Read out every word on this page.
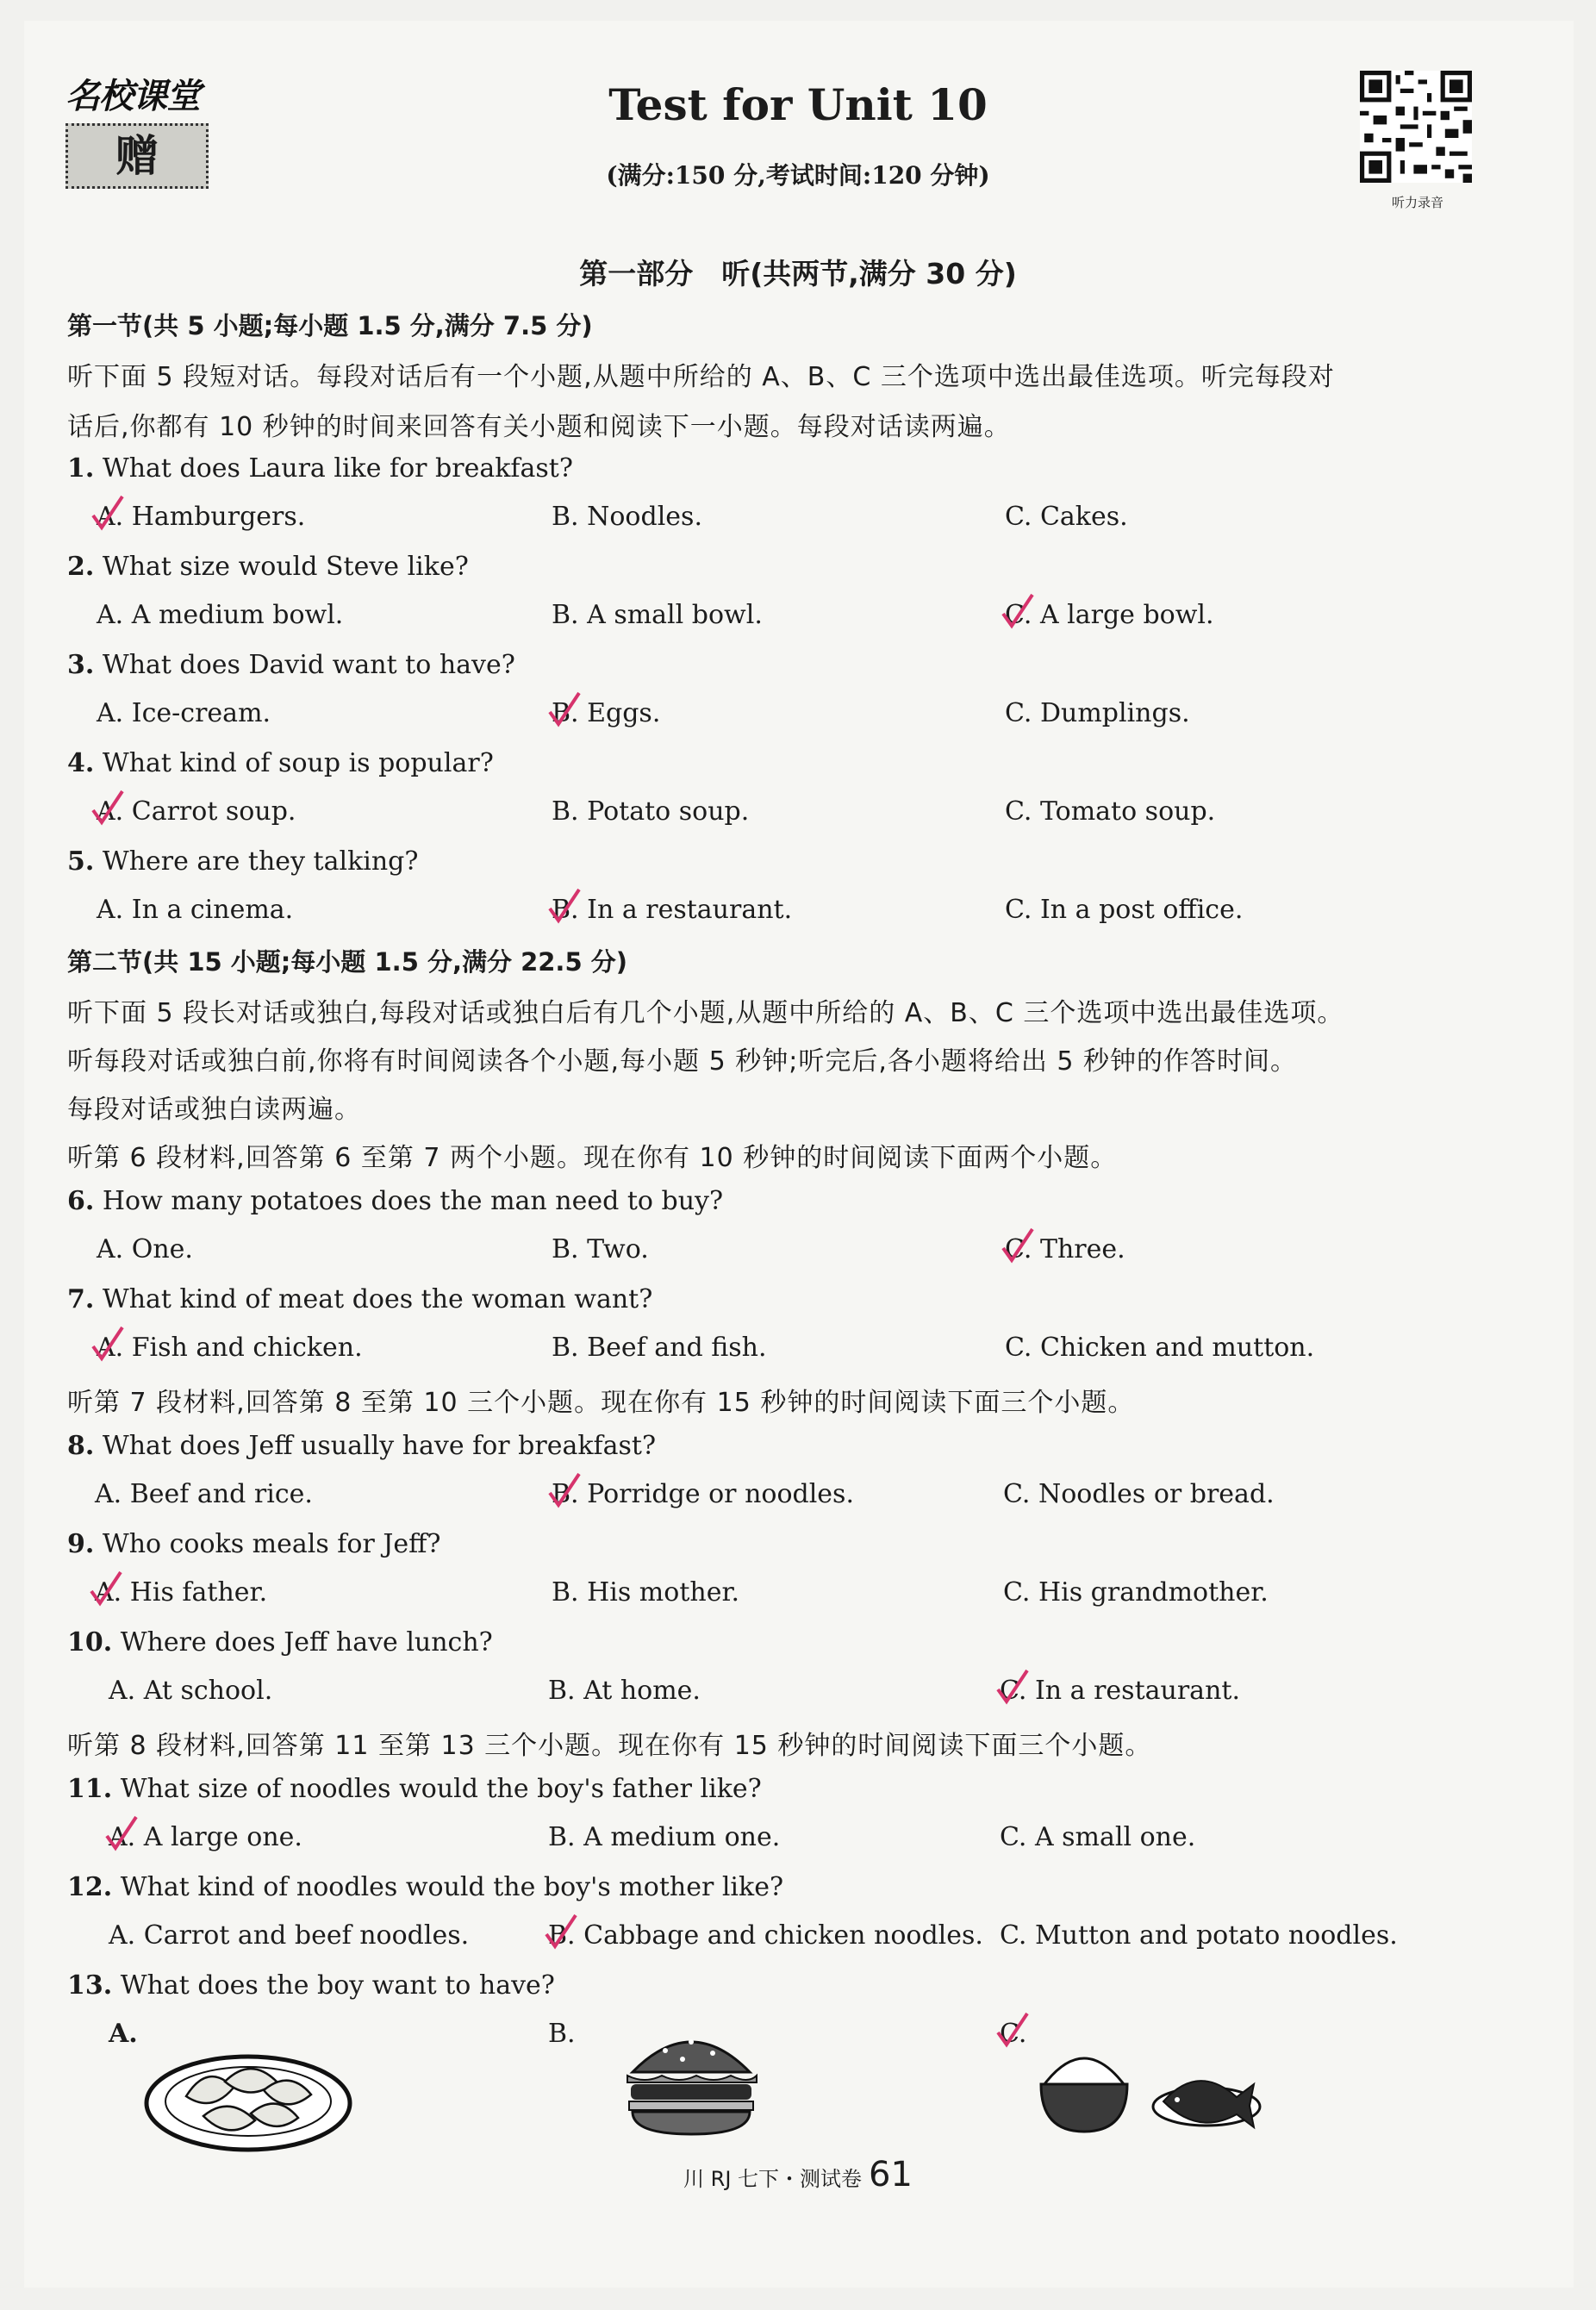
名校课堂
赠
Test for Unit 10
(满分:150 分,考试时间:120 分钟)
听力录音
第一部分　听(共两节,满分 30 分)
第一节(共 5 小题;每小题 1.5 分,满分 7.5 分)
听下面 5 段短对话。每段对话后有一个小题,从题中所给的 A、B、C 三个选项中选出最佳选项。听完每段对
话后,你都有 10 秒钟的时间来回答有关小题和阅读下一小题。每段对话读两遍。
1. What does Laura like for breakfast?
A. Hamburgers.	B. Noodles.	C. Cakes.
2. What size would Steve like?
A. A medium bowl.	B. A small bowl.	C. A large bowl.
3. What does David want to have?
A. Ice-cream.	B. Eggs.	C. Dumplings.
4. What kind of soup is popular?
A. Carrot soup.	B. Potato soup.	C. Tomato soup.
5. Where are they talking?
A. In a cinema.	B. In a restaurant.	C. In a post office.
第二节(共 15 小题;每小题 1.5 分,满分 22.5 分)
听下面 5 段长对话或独白,每段对话或独白后有几个小题,从题中所给的 A、B、C 三个选项中选出最佳选项。
听每段对话或独白前,你将有时间阅读各个小题,每小题 5 秒钟;听完后,各小题将给出 5 秒钟的作答时间。
每段对话或独白读两遍。
听第 6 段材料,回答第 6 至第 7 两个小题。现在你有 10 秒钟的时间阅读下面两个小题。
6. How many potatoes does the man need to buy?
A. One.	B. Two.	C. Three.
7. What kind of meat does the woman want?
A. Fish and chicken.	B. Beef and fish.	C. Chicken and mutton.
听第 7 段材料,回答第 8 至第 10 三个小题。现在你有 15 秒钟的时间阅读下面三个小题。
8. What does Jeff usually have for breakfast?
A. Beef and rice.	B. Porridge or noodles.	C. Noodles or bread.
9. Who cooks meals for Jeff?
A. His father.	B. His mother.	C. His grandmother.
10. Where does Jeff have lunch?
A. At school.	B. At home.	C. In a restaurant.
听第 8 段材料,回答第 11 至第 13 三个小题。现在你有 15 秒钟的时间阅读下面三个小题。
11. What size of noodles would the boy's father like?
A. A large one.	B. A medium one.	C. A small one.
12. What kind of noodles would the boy's mother like?
A. Carrot and beef noodles.	B. Cabbage and chicken noodles. C. Mutton and potato noodles.
13. What does the boy want to have?
A.	B.	C.
川 RJ 七下・测试卷 61
